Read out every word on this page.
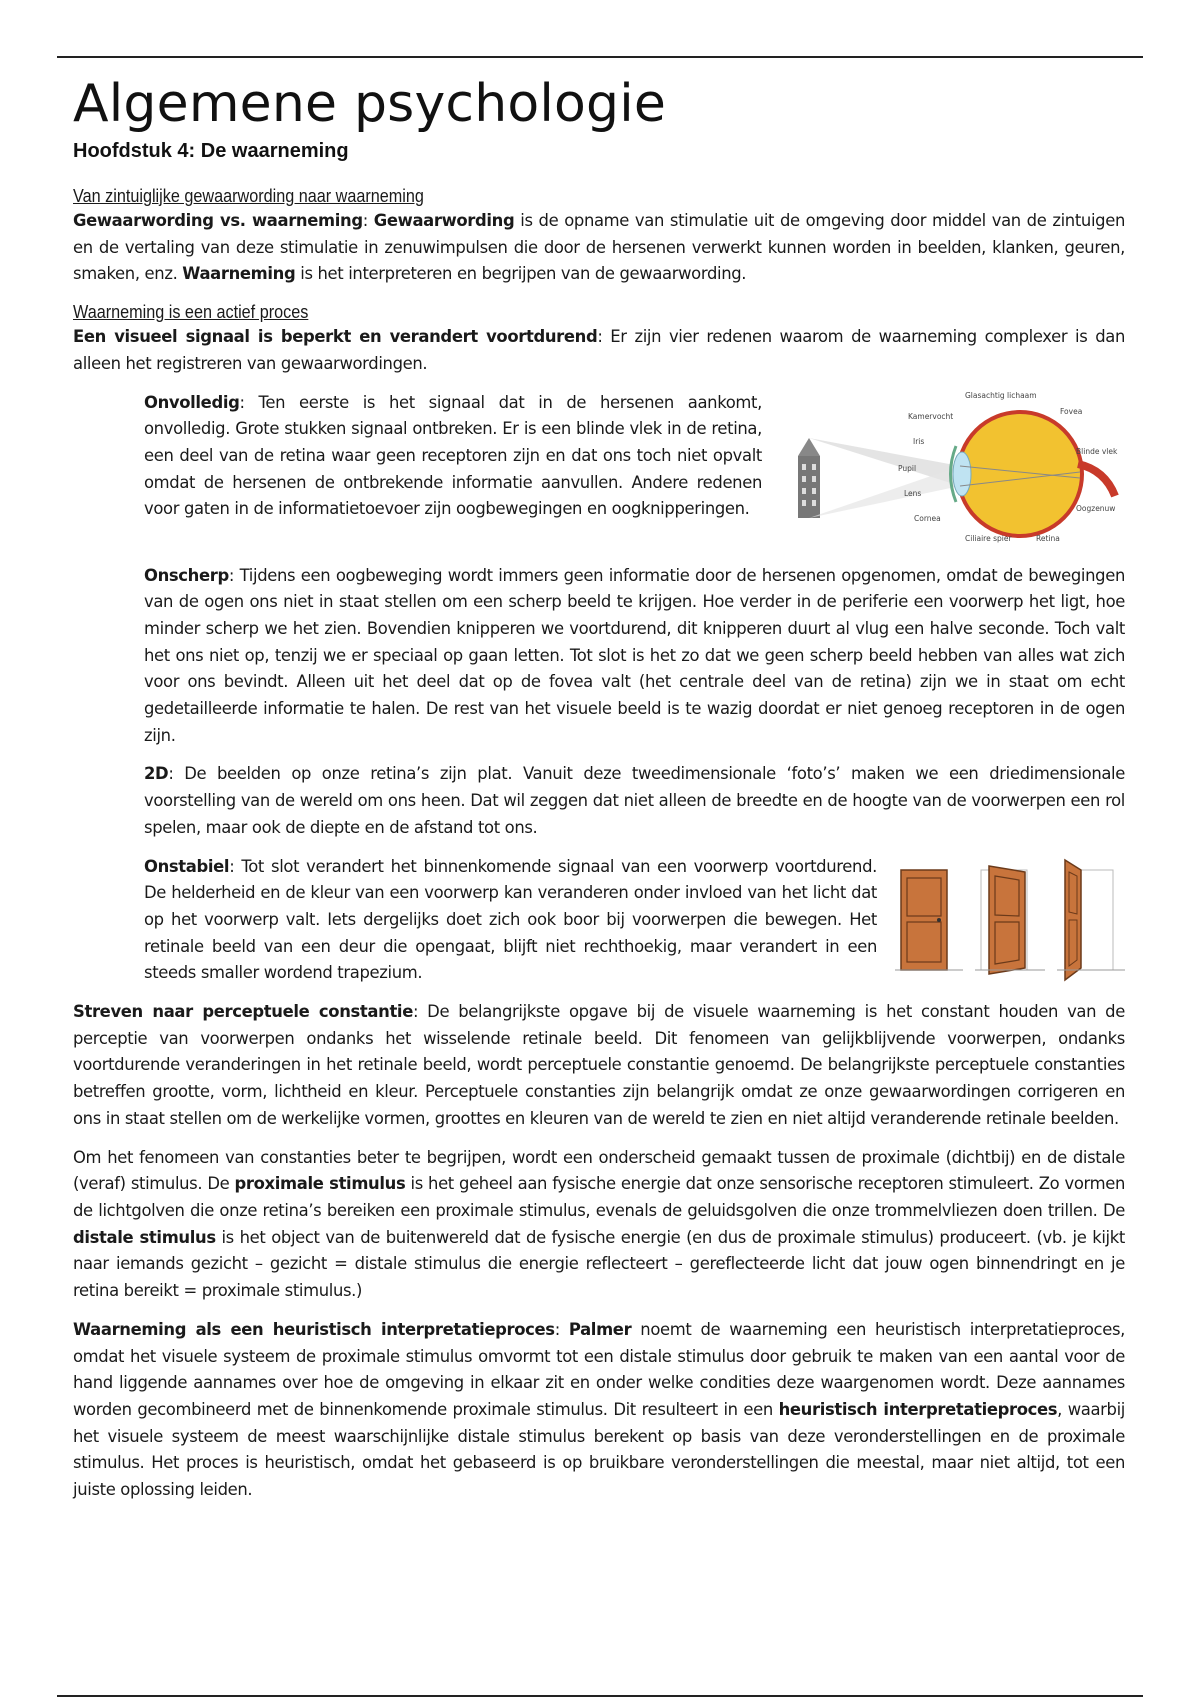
Algemene psychologie
Hoofdstuk 4: De waarneming
Van zintuiglijke gewaarwording naar waarneming

Gewaarwording vs. waarneming: Gewaarwording is de opname van stimulatie uit de omgeving door middel van de zintuigen en de vertaling van deze stimulatie in zenuwimpulsen die door de hersenen verwerkt kunnen worden in beelden, klanken, geuren, smaken, enz. Waarneming is het interpreteren en begrijpen van de gewaarwording.

Waarneming is een actief proces

Een visueel signaal is beperkt en verandert voortdurend: Er zijn vier redenen waarom de waarneming complexer is dan alleen het registreren van gewaarwordingen.

Onvolledig: Ten eerste is het signaal dat in de hersenen aankomt, onvolledig. Grote stukken signaal ontbreken. Er is een blinde vlek in de retina, een deel van de retina waar geen receptoren zijn en dat ons toch niet opvalt omdat de hersenen de ontbrekende informatie aanvullen. Andere redenen voor gaten in de informatietoevoer zijn oogbewegingen en oogknipperingen.

Glasachtig lichaam
Kamervocht
Fovea
Iris
Blinde vlek
Pupil
Lens
Oogzenuw
Cornea
Ciliaire spier	Retina

Onscherp: Tijdens een oogbeweging wordt immers geen informatie door de hersenen opgenomen, omdat de bewegingen van de ogen ons niet in staat stellen om een scherp beeld te krijgen. Hoe verder in de periferie een voorwerp het ligt, hoe minder scherp we het zien. Bovendien knipperen we voortdurend, dit knipperen duurt al vlug een halve seconde. Toch valt het ons niet op, tenzij we er speciaal op gaan letten. Tot slot is het zo dat we geen scherp beeld hebben van alles wat zich voor ons bevindt. Alleen uit het deel dat op de fovea valt (het centrale deel van de retina) zijn we in staat om echt gedetailleerde informatie te halen. De rest van het visuele beeld is te wazig doordat er niet genoeg receptoren in de ogen zijn.

2D: De beelden op onze retina’s zijn plat. Vanuit deze tweedimensionale ‘foto’s’ maken we een driedimensionale voorstelling van de wereld om ons heen. Dat wil zeggen dat niet alleen de breedte en de hoogte van de voorwerpen een rol spelen, maar ook de diepte en de afstand tot ons.

Onstabiel: Tot slot verandert het binnenkomende signaal van een voorwerp voortdurend. De helderheid en de kleur van een voorwerp kan veranderen onder invloed van het licht dat op het voorwerp valt. Iets dergelijks doet zich ook boor bij voorwerpen die bewegen. Het retinale beeld van een deur die opengaat, blijft niet rechthoekig, maar verandert in een steeds smaller wordend trapezium.

Streven naar perceptuele constantie: De belangrijkste opgave bij de visuele waarneming is het constant houden van de perceptie van voorwerpen ondanks het wisselende retinale beeld. Dit fenomeen van gelijkblijvende voorwerpen, ondanks voortdurende veranderingen in het retinale beeld, wordt perceptuele constantie genoemd. De belangrijkste perceptuele constanties betreffen grootte, vorm, lichtheid en kleur. Perceptuele constanties zijn belangrijk omdat ze onze gewaarwordingen corrigeren en ons in staat stellen om de werkelijke vormen, groottes en kleuren van de wereld te zien en niet altijd veranderende retinale beelden.

Om het fenomeen van constanties beter te begrijpen, wordt een onderscheid gemaakt tussen de proximale (dichtbij) en de distale (veraf) stimulus. De proximale stimulus is het geheel aan fysische energie dat onze sensorische receptoren stimuleert. Zo vormen de lichtgolven die onze retina’s bereiken een proximale stimulus, evenals de geluidsgolven die onze trommelvliezen doen trillen. De distale stimulus is het object van de buitenwereld dat de fysische energie (en dus de proximale stimulus) produceert. (vb. je kijkt naar iemands gezicht – gezicht = distale stimulus die energie reflecteert – gereflecteerde licht dat jouw ogen binnendringt en je retina bereikt = proximale stimulus.)

Waarneming als een heuristisch interpretatieproces: Palmer noemt de waarneming een heuristisch interpretatieproces, omdat het visuele systeem de proximale stimulus omvormt tot een distale stimulus door gebruik te maken van een aantal voor de hand liggende aannames over hoe de omgeving in elkaar zit en onder welke condities deze waargenomen wordt. Deze aannames worden gecombineerd met de binnenkomende proximale stimulus. Dit resulteert in een heuristisch interpretatieproces, waarbij het visuele systeem de meest waarschijnlijke distale stimulus berekent op basis van deze veronderstellingen en de proximale stimulus. Het proces is heuristisch, omdat het gebaseerd is op bruikbare veronderstellingen die meestal, maar niet altijd, tot een juiste oplossing leiden.
